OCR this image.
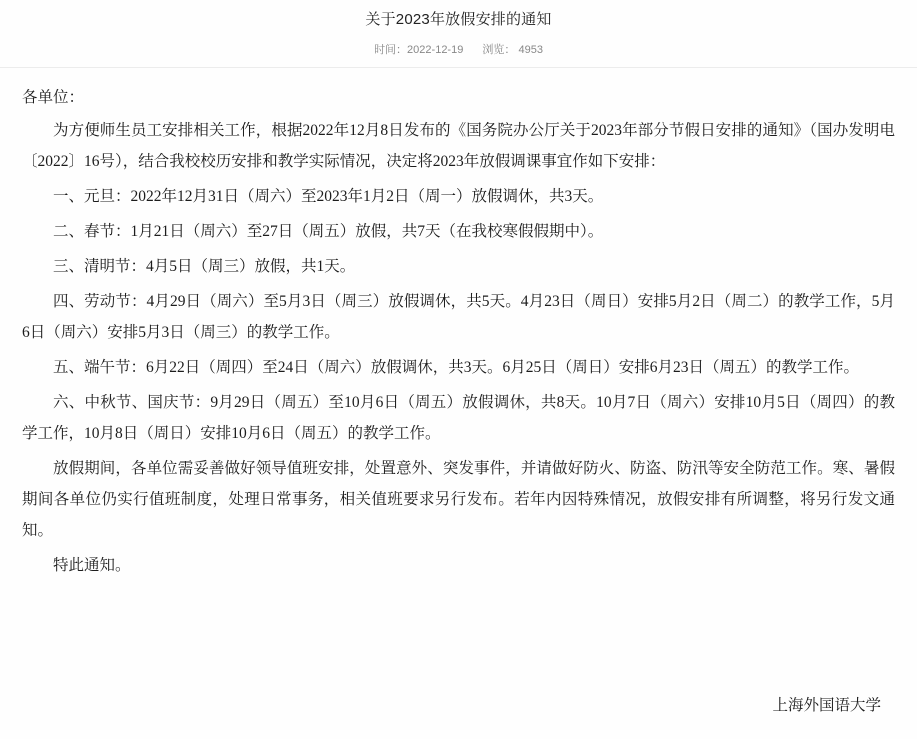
关于2023年放假安排的通知
时间：2022-12-19 浏览： 4953

各单位：

为方便师生员工安排相关工作，根据2022年12月8日发布的《国务院办公厅关于2023年部分节假日安排的通知》（国办发明电〔2022〕16号），结合我校校历安排和教学实际情况，决定将2023年放假调课事宜作如下安排：

一、元旦：2022年12月31日（周六）至2023年1月2日（周一）放假调休，共3天。

二、春节：1月21日（周六）至27日（周五）放假，共7天（在我校寒假假期中）。

三、清明节：4月5日（周三）放假，共1天。

四、劳动节：4月29日（周六）至5月3日（周三）放假调休，共5天。4月23日（周日）安排5月2日（周二）的教学工作，5月6日（周六）安排5月3日（周三）的教学工作。

五、端午节：6月22日（周四）至24日（周六）放假调休，共3天。6月25日（周日）安排6月23日（周五）的教学工作。

六、中秋节、国庆节：9月29日（周五）至10月6日（周五）放假调休，共8天。10月7日（周六）安排10月5日（周四）的教学工作，10月8日（周日）安排10月6日（周五）的教学工作。

放假期间，各单位需妥善做好领导值班安排，处置意外、突发事件，并请做好防火、防盗、防汛等安全防范工作。寒、暑假期间各单位仍实行值班制度，处理日常事务，相关值班要求另行发布。若年内因特殊情况，放假安排有所调整，将另行发文通知。

特此通知。

上海外国语大学
